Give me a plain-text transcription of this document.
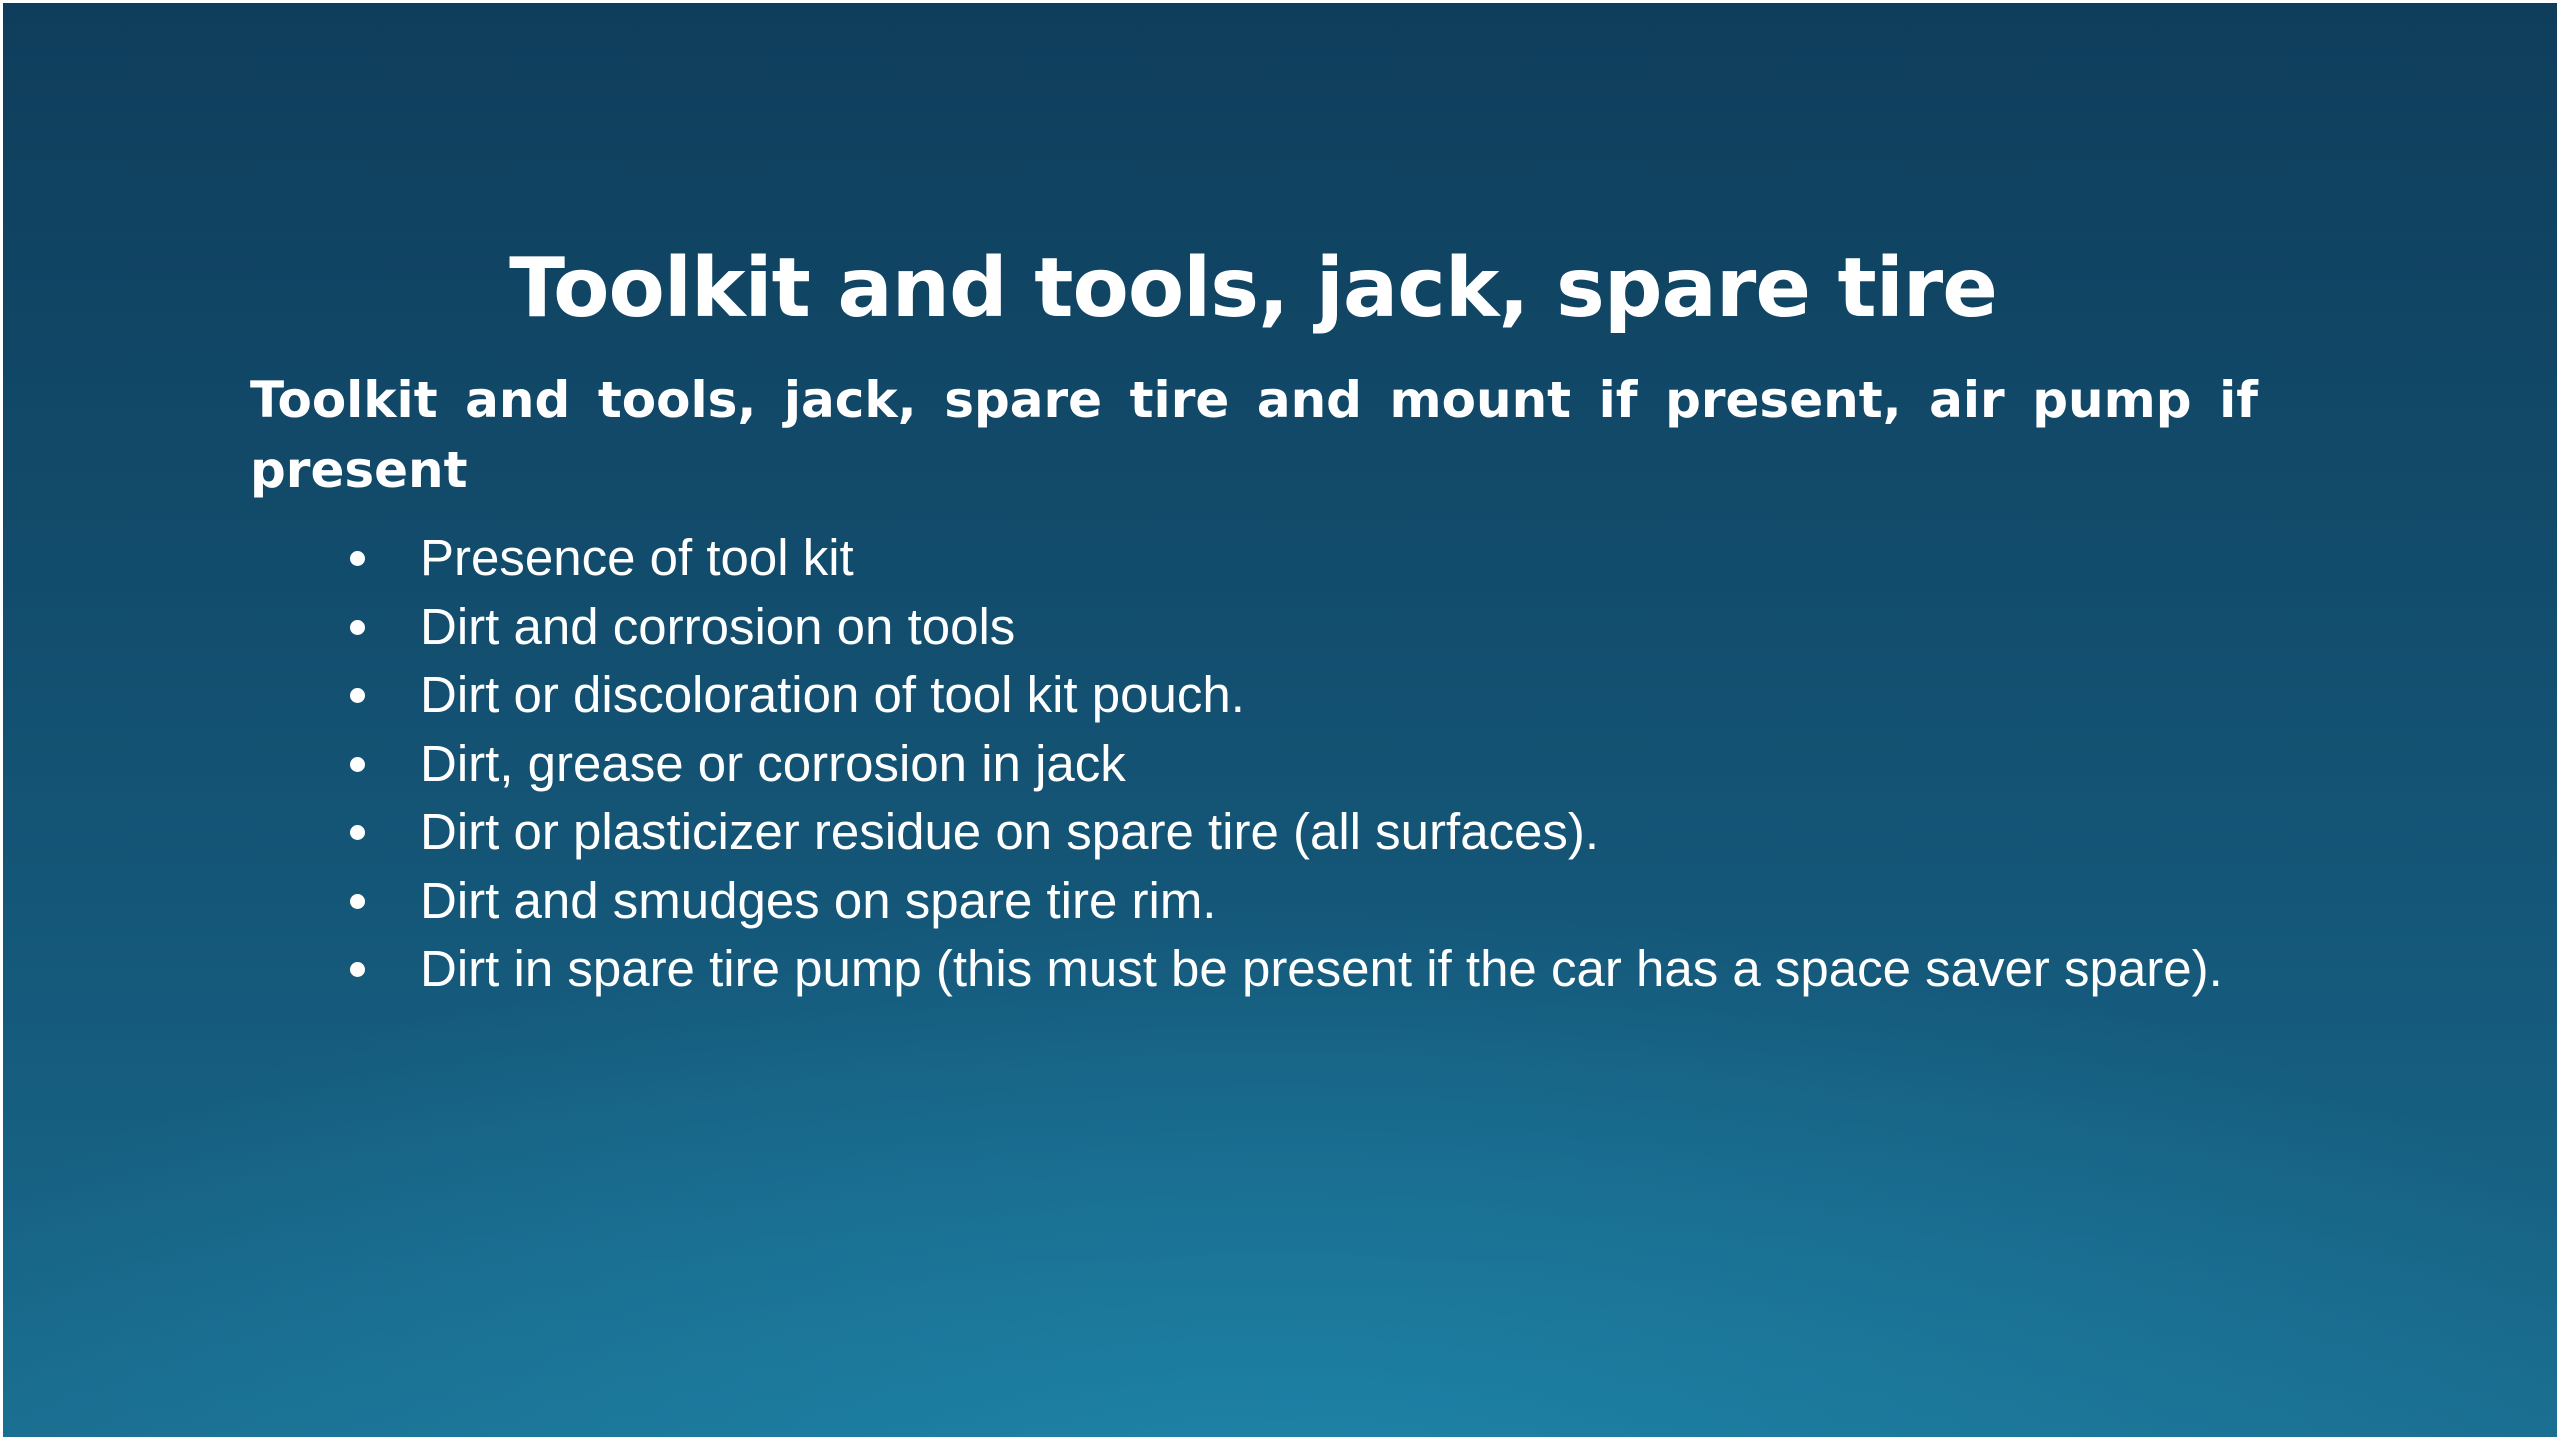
Toolkit and tools, jack, spare tire

Toolkit and tools, jack, spare tire and mount if present, air pump if present

Presence of tool kit
Dirt and corrosion on tools
Dirt or discoloration of tool kit pouch.
Dirt, grease or corrosion in jack
Dirt or plasticizer residue on spare tire (all surfaces).
Dirt and smudges on spare tire rim.
Dirt in spare tire pump (this must be present if the car has a space saver spare).
